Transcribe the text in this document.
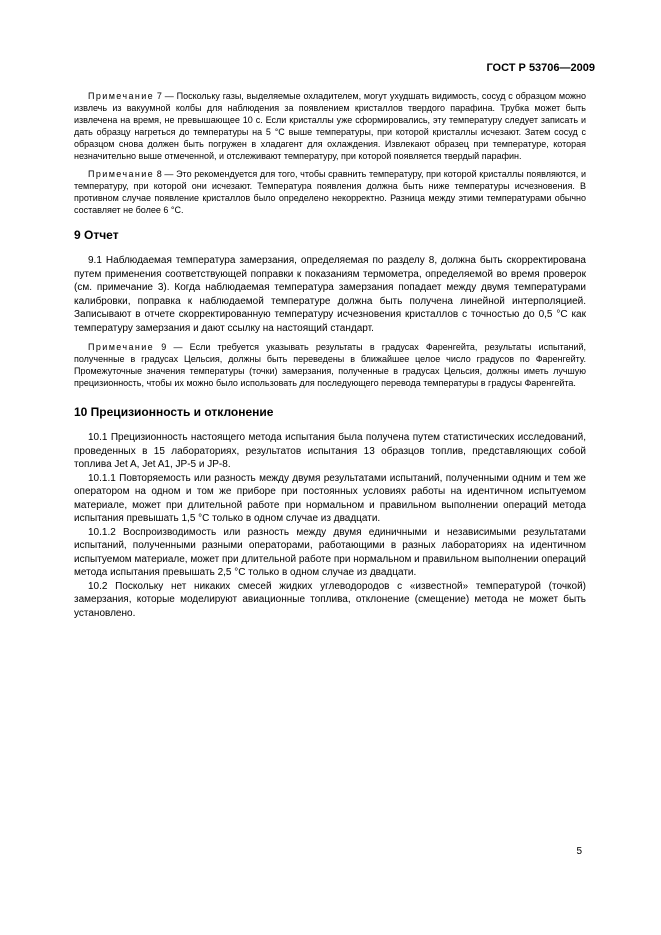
ГОСТ Р 53706—2009

Примечание 7 — Поскольку газы, выделяемые охладителем, могут ухудшать видимость, сосуд с образцом можно извлечь из вакуумной колбы для наблюдения за появлением кристаллов твердого парафина. Трубка может быть извлечена на время, не превышающее 10 с. Если кристаллы уже сформировались, эту температуру следует записать и дать образцу нагреться до температуры на 5 °С выше температуры, при которой кристаллы исчезают. Затем сосуд с образцом снова должен быть погружен в хладагент для охлаждения. Извлекают образец при температуре, которая незначительно выше отмеченной, и отслеживают температуру, при которой появляется твердый парафин.

Примечание 8 — Это рекомендуется для того, чтобы сравнить температуру, при которой кристаллы появляются, и температуру, при которой они исчезают. Температура появления должна быть ниже температуры исчезновения. В противном случае появление кристаллов было определено некорректно. Разница между этими температурами обычно составляет не более 6 °С.

9 Отчет

9.1 Наблюдаемая температура замерзания, определяемая по разделу 8, должна быть скорректирована путем применения соответствующей поправки к показаниям термометра, определяемой во время проверок (см. примечание 3). Когда наблюдаемая температура замерзания попадает между двумя температурами калибровки, поправка к наблюдаемой температуре должна быть получена линейной интерполяцией. Записывают в отчете скорректированную температуру исчезновения кристаллов с точностью до 0,5 °С как температуру замерзания и дают ссылку на настоящий стандарт.

Примечание 9 — Если требуется указывать результаты в градусах Фаренгейта, результаты испытаний, полученные в градусах Цельсия, должны быть переведены в ближайшее целое число градусов по Фаренгейту. Промежуточные значения температуры (точки) замерзания, полученные в градусах Цельсия, должны иметь лучшую прецизионность, чтобы их можно было использовать для последующего перевода температуры в градусы Фаренгейта.

10 Прецизионность и отклонение

10.1 Прецизионность настоящего метода испытания была получена путем статистических исследований, проведенных в 15 лабораториях, результатов испытания 13 образцов топлив, представляющих собой топлива Jet A, Jet A1, JP-5 и JP-8.

10.1.1 Повторяемость или разность между двумя результатами испытаний, полученными одним и тем же оператором на одном и том же приборе при постоянных условиях работы на идентичном испытуемом материале, может при длительной работе при нормальном и правильном выполнении операций метода испытания превышать 1,5 °С только в одном случае из двадцати.

10.1.2 Воспроизводимость или разность между двумя единичными и независимыми результатами испытаний, полученными разными операторами, работающими в разных лабораториях на идентичном испытуемом материале, может при длительной работе при нормальном и правильном выполнении операций метода испытания превышать 2,5 °С только в одном случае из двадцати.

10.2 Поскольку нет никаких смесей жидких углеводородов с «известной» температурой (точкой) замерзания, которые моделируют авиационные топлива, отклонение (смещение) метода не может быть установлено.

5
